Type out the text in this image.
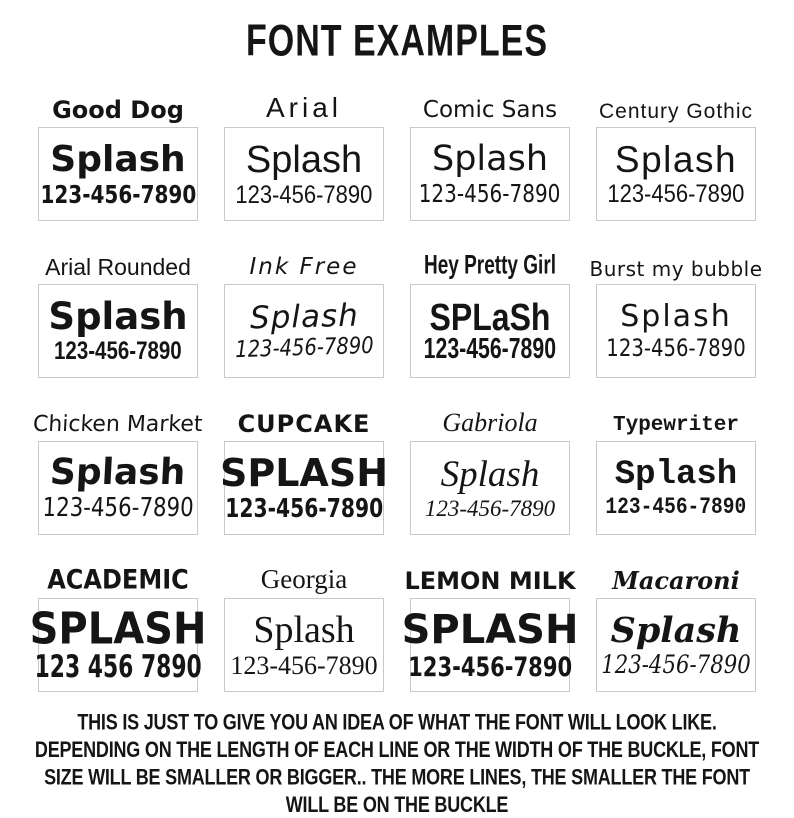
FONT EXAMPLES
Good Dog
Splash
123-456-7890
Arial
Splash
123-456-7890
Comic Sans
Splash
123-456-7890
Century Gothic
Splash
123-456-7890
Arial Rounded
Splash
123-456-7890
Ink Free
Splash
123-456-7890
Hey Pretty Girl
SPLaSh
123-456-7890
Burst my bubble
Splash
123-456-7890
Chicken Market
Splash
123-456-7890
CUPCAKE
SPLASH
123-456-7890
Gabriola
Splash
123-456-7890
Typewriter
Splash
123-456-7890
ACADEMIC
SPLASH
123 456 7890
Georgia
Splash
123-456-7890
LEMON MILK
SPLASH
123-456-7890
Macaroni
Splash
123-456-7890
THIS IS JUST TO GIVE YOU AN IDEA OF WHAT THE FONT WILL LOOK LIKE.
DEPENDING ON THE LENGTH OF EACH LINE OR THE WIDTH OF THE BUCKLE, FONT
SIZE WILL BE SMALLER OR BIGGER.. THE MORE LINES, THE SMALLER THE FONT
WILL BE ON THE BUCKLE
